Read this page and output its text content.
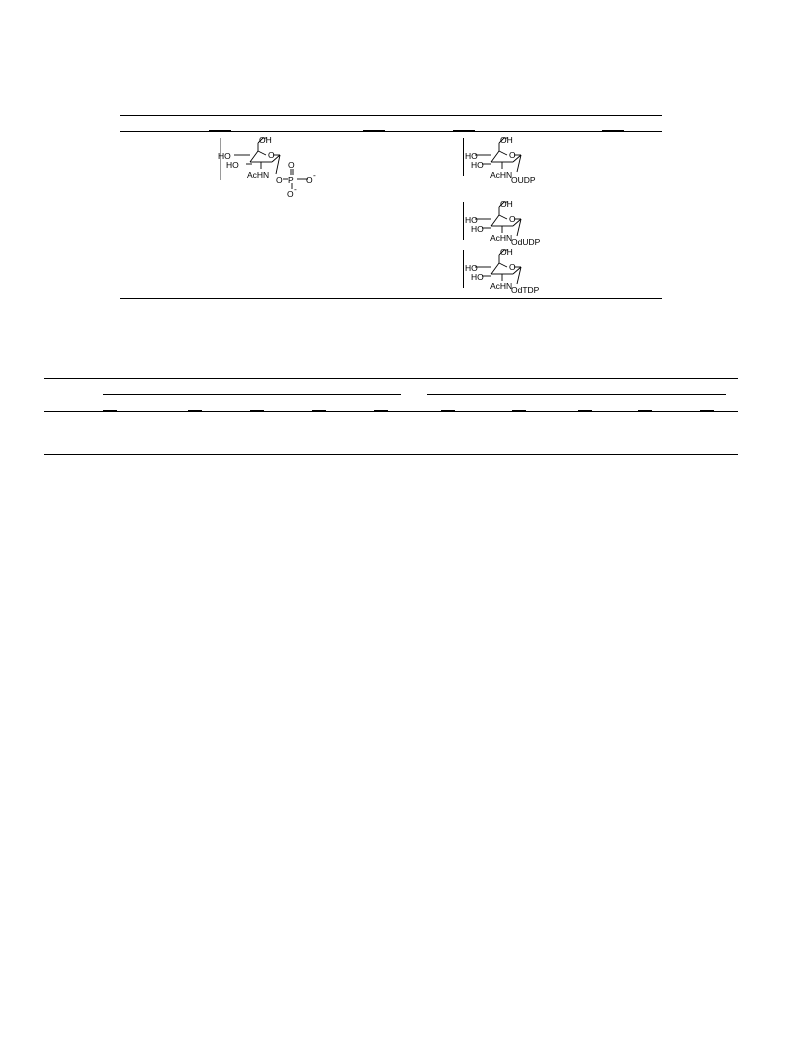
OH
HO
HO
O
AcHN O P
O
O -
O -
OH
HO
HO
O
AcHN
OUDP
OH
HO
HO
O
AcHN
OdUDP
OH
HO
HO
O
AcHN
OdTDP
